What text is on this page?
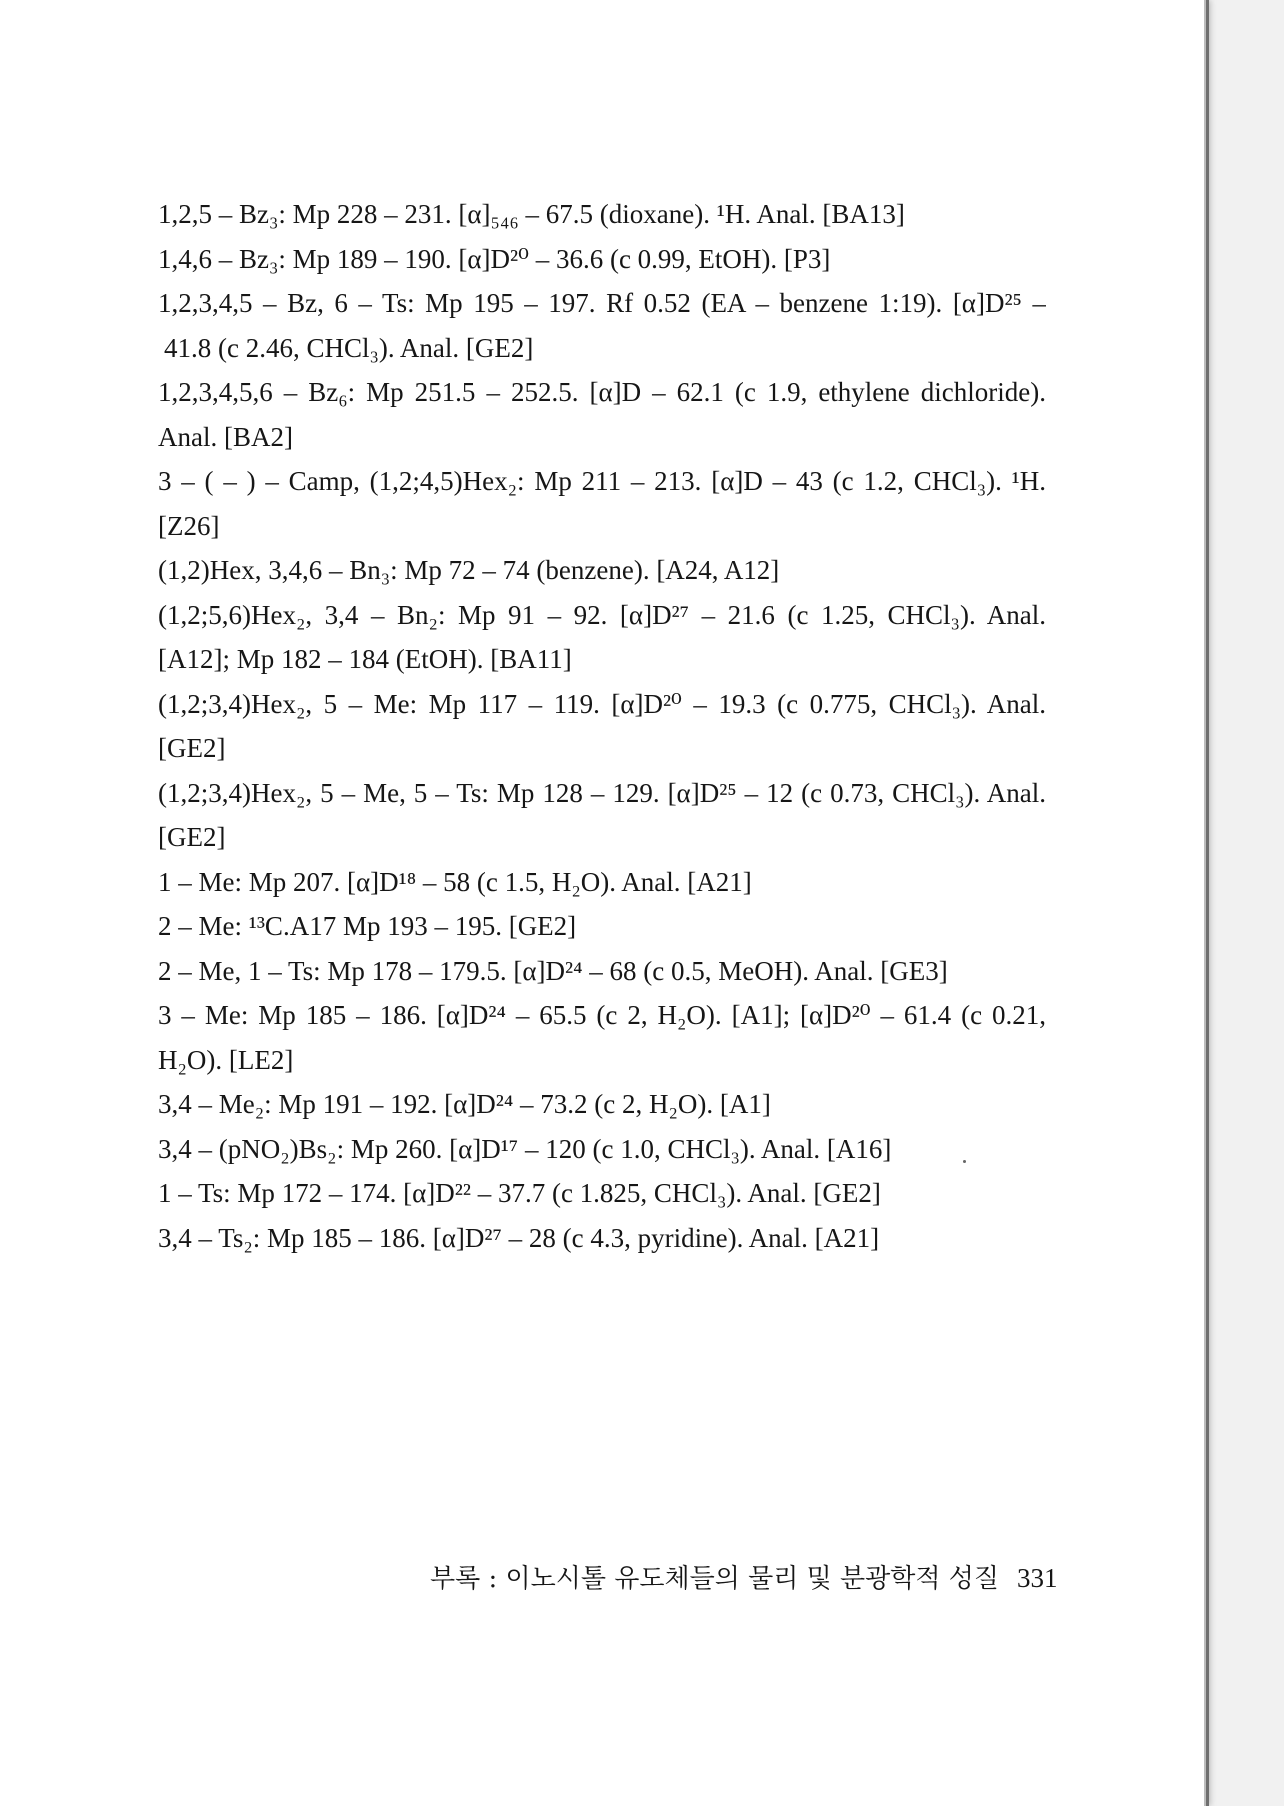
1,2,5 – Bz₃: Mp 228 – 231. [α]₅₄₆ – 67.5 (dioxane). ¹H. Anal. [BA13]
1,4,6 – Bz₃: Mp 189 – 190. [α]D²⁰ – 36.6 (c 0.99, EtOH). [P3]
1,2,3,4,5 – Bz, 6 – Ts: Mp 195 – 197. Rf 0.52 (EA – benzene 1:19). [α]D²⁵ –
41.8 (c 2.46, CHCl₃). Anal. [GE2]
1,2,3,4,5,6 – Bz₆: Mp 251.5 – 252.5. [α]D – 62.1 (c 1.9, ethylene dichloride).
Anal. [BA2]
3 – ( – ) – Camp, (1,2;4,5)Hex₂: Mp 211 – 213. [α]D – 43 (c 1.2, CHCl₃). ¹H.
[Z26]
(1,2)Hex, 3,4,6 – Bn₃: Mp 72 – 74 (benzene). [A24, A12]
(1,2;5,6)Hex₂, 3,4 – Bn₂: Mp 91 – 92. [α]D²⁷ – 21.6 (c 1.25, CHCl₃). Anal.
[A12]; Mp 182 – 184 (EtOH). [BA11]
(1,2;3,4)Hex₂, 5 – Me: Mp 117 – 119. [α]D²⁰ – 19.3 (c 0.775, CHCl₃). Anal.
[GE2]
(1,2;3,4)Hex₂, 5 – Me, 5 – Ts: Mp 128 – 129. [α]D²⁵ – 12 (c 0.73, CHCl₃). Anal.
[GE2]
1 – Me: Mp 207. [α]D¹⁸ – 58 (c 1.5, H₂O). Anal. [A21]
2 – Me: ¹³C.A17 Mp 193 – 195. [GE2]
2 – Me, 1 – Ts: Mp 178 – 179.5. [α]D²⁴ – 68 (c 0.5, MeOH). Anal. [GE3]
3 – Me: Mp 185 – 186. [α]D²⁴ – 65.5 (c 2, H₂O). [A1]; [α]D²⁰ – 61.4 (c 0.21,
H₂O). [LE2]
3,4 – Me₂: Mp 191 – 192. [α]D²⁴ – 73.2 (c 2, H₂O). [A1]
3,4 – (pNO₂)Bs₂: Mp 260. [α]D¹⁷ – 120 (c 1.0, CHCl₃). Anal. [A16]
1 – Ts: Mp 172 – 174. [α]D²² – 37.7 (c 1.825, CHCl₃). Anal. [GE2]
3,4 – Ts₂: Mp 185 – 186. [α]D²⁷ – 28 (c 4.3, pyridine). Anal. [A21]
부록 : 이노시톨 유도체들의 물리 및 분광학적 성질 331
